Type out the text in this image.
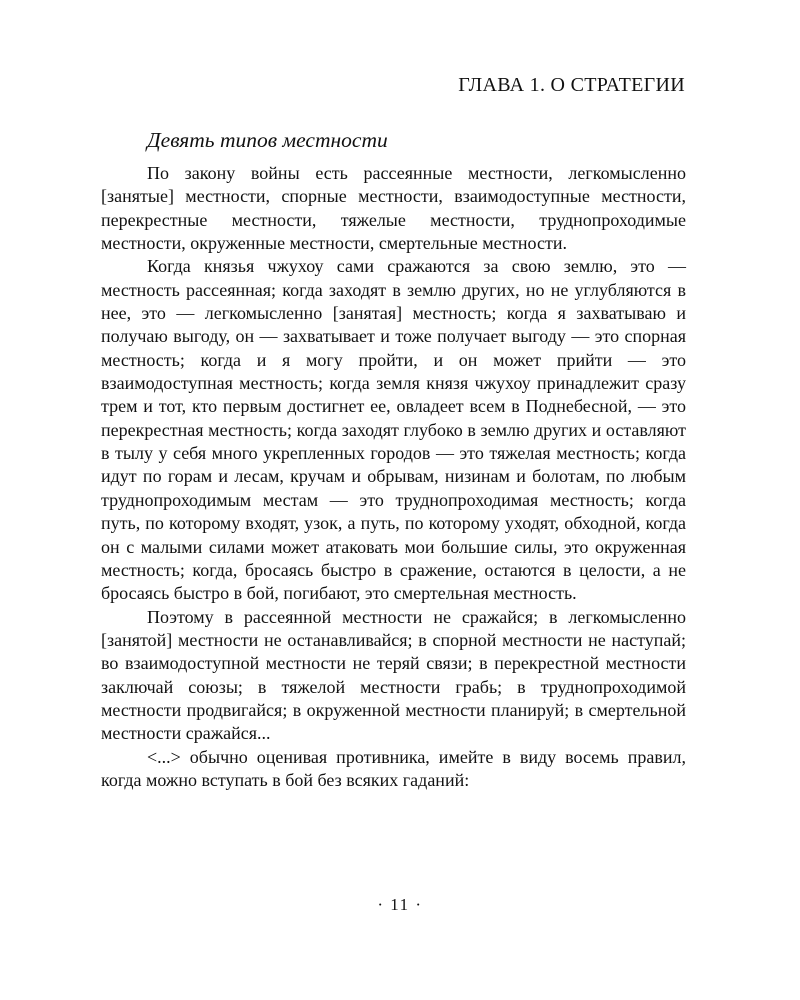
ГЛАВА 1. О СТРАТЕГИИ
Девять типов местности

По закону войны есть рассеянные местности, легкомысленно [занятые] местности, спорные местности, взаимодоступные местности, перекрестные местности, тяжелые местности, труднопроходимые местности, окруженные местности, смертельные местности.

Когда князья чжухоу сами сражаются за свою землю, это — местность рассеянная; когда заходят в землю других, но не углубляются в нее, это — легкомысленно [занятая] местность; когда я захватываю и получаю выгоду, он — захватывает и тоже получает выгоду — это спорная местность; когда и я могу пройти, и он может прийти — это взаимодоступная местность; когда земля князя чжухоу принадлежит сразу трем и тот, кто первым достигнет ее, овладеет всем в Поднебесной, — это перекрестная местность; когда заходят глубоко в землю других и оставляют в тылу у себя много укрепленных городов — это тяжелая местность; когда идут по горам и лесам, кручам и обрывам, низинам и болотам, по любым труднопроходимым местам — это труднопроходимая местность; когда путь, по которому входят, узок, а путь, по которому уходят, обходной, когда он с малыми силами может атаковать мои большие силы, это окруженная местность; когда, бросаясь быстро в сражение, остаются в целости, а не бросаясь быстро в бой, погибают, это смертельная местность.

Поэтому в рассеянной местности не сражайся; в легкомысленно [занятой] местности не останавливайся; в спорной местности не наступай; во взаимодоступной местности не теряй связи; в перекрестной местности заключай союзы; в тяжелой местности грабь; в труднопроходимой местности продвигайся; в окруженной местности планируй; в смертельной местности сражайся...

<...> обычно оценивая противника, имейте в виду восемь правил, когда можно вступать в бой без всяких гаданий:

· 11 ·
